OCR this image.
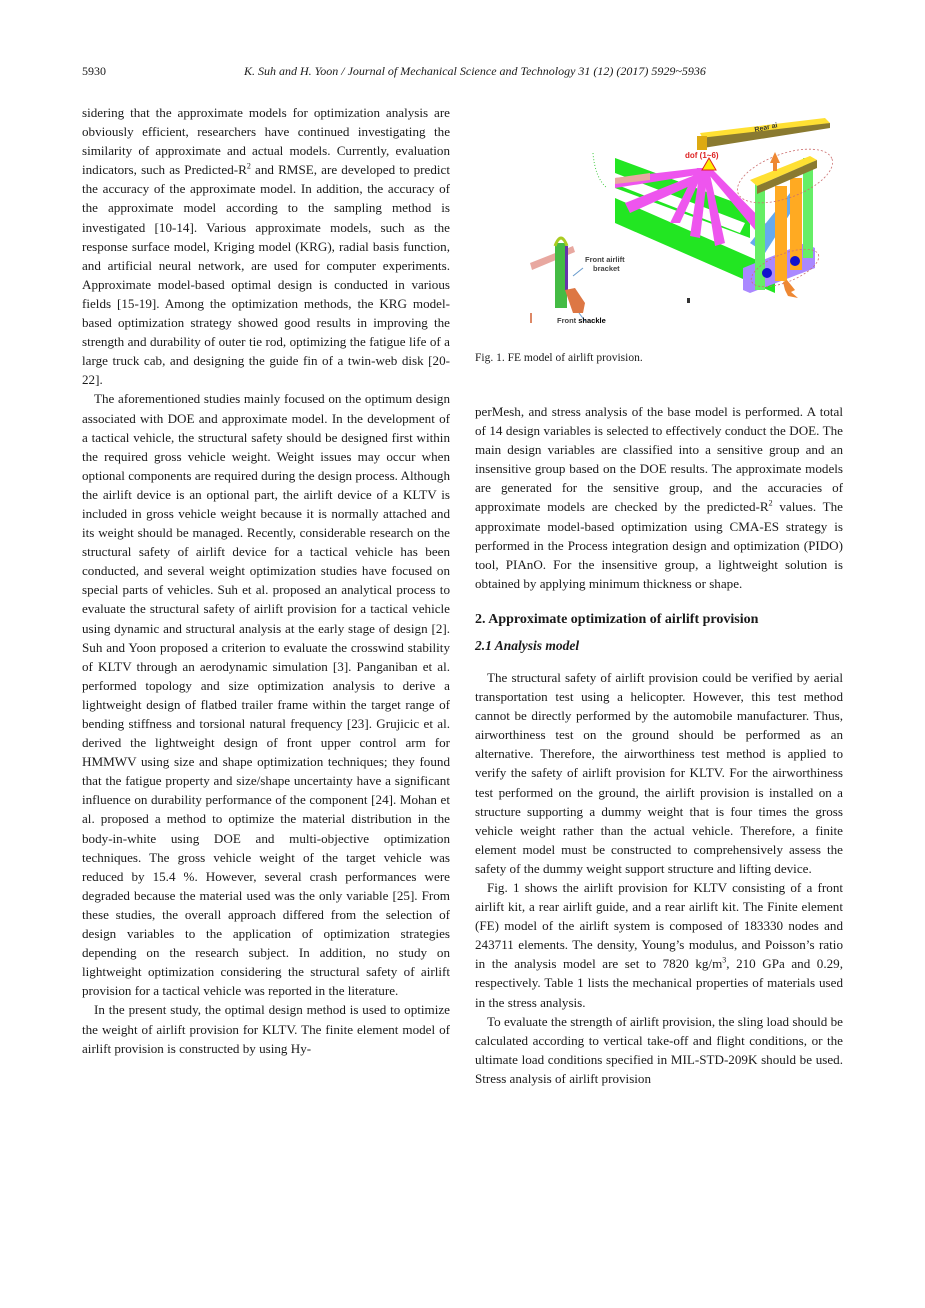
5930	K. Suh and H. Yoon / Journal of Mechanical Science and Technology 31 (12) (2017) 5929~5936

sidering that the approximate models for optimization analysis are obviously efficient, researchers have continued investigating the similarity of approximate and actual models. Currently, evaluation indicators, such as Predicted-$R^2$ and RMSE, are developed to predict the accuracy of the approximate model. In addition, the accuracy of the approximate model according to the sampling method is investigated [10-14]. Various approximate models, such as the response surface model, Kriging model (KRG), radial basis function, and artificial neural network, are used for computer experiments. Approximate model-based optimal design is conducted in various fields [15-19]. Among the optimization methods, the KRG model-based optimization strategy showed good results in improving the strength and durability of outer tie rod, optimizing the fatigue life of a large truck cab, and designing the guide fin of a twin-web disk [20-22].

The aforementioned studies mainly focused on the optimum design associated with DOE and approximate model. In the development of a tactical vehicle, the structural safety should be designed first within the required gross vehicle weight. Weight issues may occur when optional components are required during the design process. Although the airlift device is an optional part, the airlift device of a KLTV is included in gross vehicle weight because it is normally attached and its weight should be managed. Recently, considerable research on the structural safety of airlift device for a tactical vehicle has been conducted, and several weight optimization studies have focused on special parts of vehicles. Suh et al. proposed an analytical process to evaluate the structural safety of airlift provision for a tactical vehicle using dynamic and structural analysis at the early stage of design [2]. Suh and Yoon proposed a criterion to evaluate the crosswind stability of KLTV through an aerodynamic simulation [3]. Panganiban et al. performed topology and size optimization analysis to derive a lightweight design of flatbed trailer frame within the target range of bending stiffness and torsional natural frequency [23]. Grujicic et al. derived the lightweight design of front upper control arm for HMMWV using size and shape optimization techniques; they found that the fatigue property and size/shape uncertainty have a significant influence on durability performance of the component [24]. Mohan et al. proposed a method to optimize the material distribution in the body-in-white using DOE and multi-objective optimization techniques. The gross vehicle weight of the target vehicle was reduced by 15.4 %. However, several crash performances were degraded because the material used was the only variable [25]. From these studies, the overall approach differed from the selection of design variables to the application of optimization strategies depending on the research subject. In addition, no study on lightweight optimization considering the structural safety of airlift provision for a tactical vehicle was reported in the literature.

In the present study, the optimal design method is used to optimize the weight of airlift provision for KLTV. The finite element model of airlift provision is constructed by using Hy-

dof (1~6)
Rear ai
Front airlift
bracket
Front shackle
Fig. 1. FE model of airlift provision.

perMesh, and stress analysis of the base model is performed. A total of 14 design variables is selected to effectively conduct the DOE. The main design variables are classified into a sensitive group and an insensitive group based on the DOE results. The approximate models are generated for the sensitive group, and the accuracies of approximate models are checked by the predicted-$R^2$ values. The approximate model-based optimization using CMA-ES strategy is performed in the Process integration design and optimization (PIDO) tool, PIAnO. For the insensitive group, a lightweight solution is obtained by applying minimum thickness or shape.

2. Approximate optimization of airlift provision
2.1 Analysis model

The structural safety of airlift provision could be verified by aerial transportation test using a helicopter. However, this test method cannot be directly performed by the automobile manufacturer. Thus, airworthiness test on the ground should be performed as an alternative. Therefore, the airworthiness test method is applied to verify the safety of airlift provision for KLTV. For the airworthiness test performed on the ground, the airlift provision is installed on a structure supporting a dummy weight that is four times the gross vehicle weight rather than the actual vehicle. Therefore, a finite element model must be constructed to comprehensively assess the safety of the dummy weight support structure and lifting device.

Fig. 1 shows the airlift provision for KLTV consisting of a front airlift kit, a rear airlift guide, and a rear airlift kit. The Finite element (FE) model of the airlift system is composed of 183330 nodes and 243711 elements. The density, Young’s modulus, and Poisson’s ratio in the analysis model are set to 7820 $kg/m^3$, 210 GPa and 0.29, respectively. Table 1 lists the mechanical properties of materials used in the stress analysis.

To evaluate the strength of airlift provision, the sling load should be calculated according to vertical take-off and flight conditions, or the ultimate load conditions specified in MIL-STD-209K should be used. Stress analysis of airlift provision
